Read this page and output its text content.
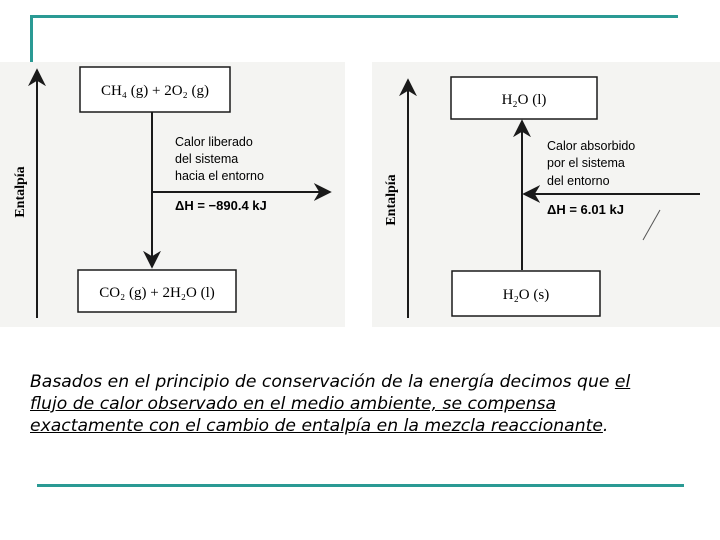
Entalpía
CH₄ (g) + 2O₂ (g)
CO₂ (g) + 2H₂O (l)
Calor liberado
del sistema
hacia el entorno
ΔH = −890.4 kJ	Entalpía
H₂O (l)
H₂O (s)
Calor absorbido
por el sistema
del entorno
ΔH = 6.01 kJ
Basados en el principio de conservación de la energía decimos que el flujo de calor observado en el medio ambiente, se compensa exactamente con el cambio de entalpía en la mezcla reaccionante.
